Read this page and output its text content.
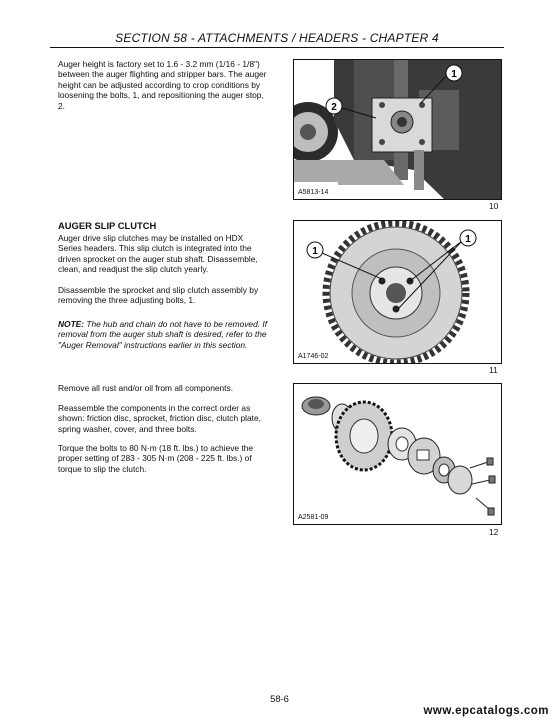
SECTION 58 - ATTACHMENTS / HEADERS - CHAPTER 4

Auger height is factory set to 1.6 - 3.2 mm (1/16 - 1/8") between the auger flighting and stripper bars. The auger height can be adjusted according to crop conditions by loosening the bolts, 1, and repositioning the auger stop, 2.

1
2
A5813-14
10
AUGER SLIP CLUTCH

Auger drive slip clutches may be installed on HDX Series headers. This slip clutch is integrated into the driven sprocket on the auger stub shaft. Disassemble, clean, and readjust the slip clutch yearly.

Disassemble the sprocket and slip clutch assembly by removing the three adjusting bolts, 1.

NOTE: The hub and chain do not have to be removed. If removal from the auger stub shaft is desired, refer to the "Auger Removal" instructions earlier in this section.

1
1
A1746-02
11

Remove all rust and/or oil from all components.

Reassemble the components in the correct order as shown: friction disc, sprocket, friction disc, clutch plate, spring washer, cover, and three bolts.

Torque the bolts to 80 N·m (18 ft. lbs.) to achieve the proper setting of 283 - 305 N·m (208 - 225 ft. lbs.) of torque to slip the clutch.

A2581-09
12
58-6
www.epcatalogs.com
